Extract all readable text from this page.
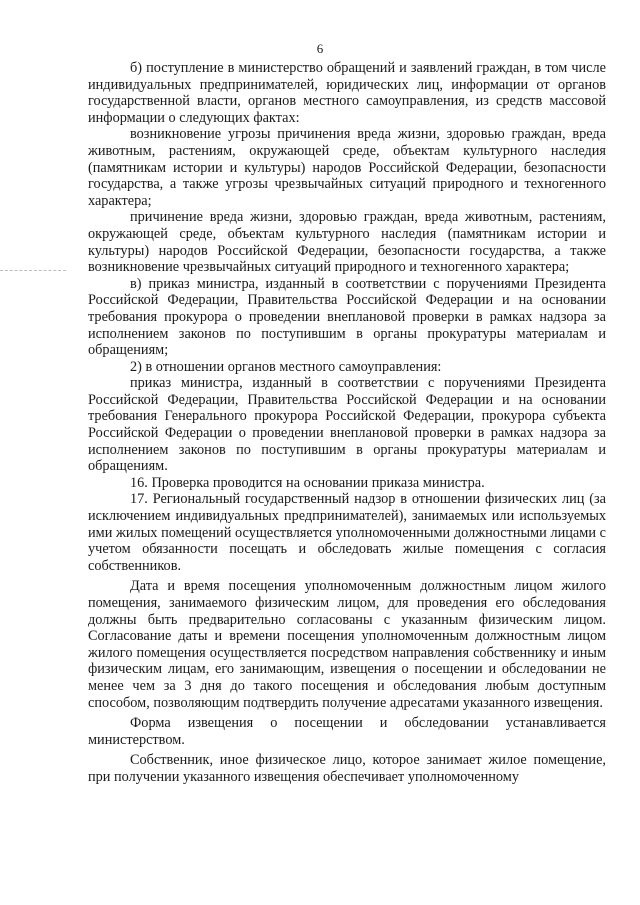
6

б) поступление в министерство обращений и заявлений граждан, в том числе индивидуальных предпринимателей, юридических лиц, информации от органов государственной власти, органов местного самоуправления, из средств массовой информации о следующих фактах:

возникновение угрозы причинения вреда жизни, здоровью граждан, вреда животным, растениям, окружающей среде, объектам культурного наследия (памятникам истории и культуры) народов Российской Федерации, безопасности государства, а также угрозы чрезвычайных ситуаций природного и техногенного характера;

причинение вреда жизни, здоровью граждан, вреда животным, растениям, окружающей среде, объектам культурного наследия (памятникам истории и культуры) народов Российской Федерации, безопасности государства, а также возникновение чрезвычайных ситуаций природного и техногенного характера;

в) приказ министра, изданный в соответствии с поручениями Президента Российской Федерации, Правительства Российской Федерации и на основании требования прокурора о проведении внеплановой проверки в рамках надзора за исполнением законов по поступившим в органы прокуратуры материалам и обращениям;

2) в отношении органов местного самоуправления:

приказ министра, изданный в соответствии с поручениями Президента Российской Федерации, Правительства Российской Федерации и на основании требования Генерального прокурора Российской Федерации, прокурора субъекта Российской Федерации о проведении внеплановой проверки в рамках надзора за исполнением законов по поступившим в органы прокуратуры материалам и обращениям.

16. Проверка проводится на основании приказа министра.

17. Региональный государственный надзор в отношении физических лиц (за исключением индивидуальных предпринимателей), занимаемых или используемых ими жилых помещений осуществляется уполномоченными должностными лицами с учетом обязанности посещать и обследовать жилые помещения с согласия собственников.

Дата и время посещения уполномоченным должностным лицом жилого помещения, занимаемого физическим лицом, для проведения его обследования должны быть предварительно согласованы с указанным физическим лицом. Согласование даты и времени посещения уполномоченным должностным лицом жилого помещения осуществляется посредством направления собственнику и иным физическим лицам, его занимающим, извещения о посещении и обследовании не менее чем за 3 дня до такого посещения и обследования любым доступным способом, позволяющим подтвердить получение адресатами указанного извещения.

Форма извещения о посещении и обследовании устанавливается министерством.

Собственник, иное физическое лицо, которое занимает жилое помещение, при получении указанного извещения обеспечивает уполномоченному
